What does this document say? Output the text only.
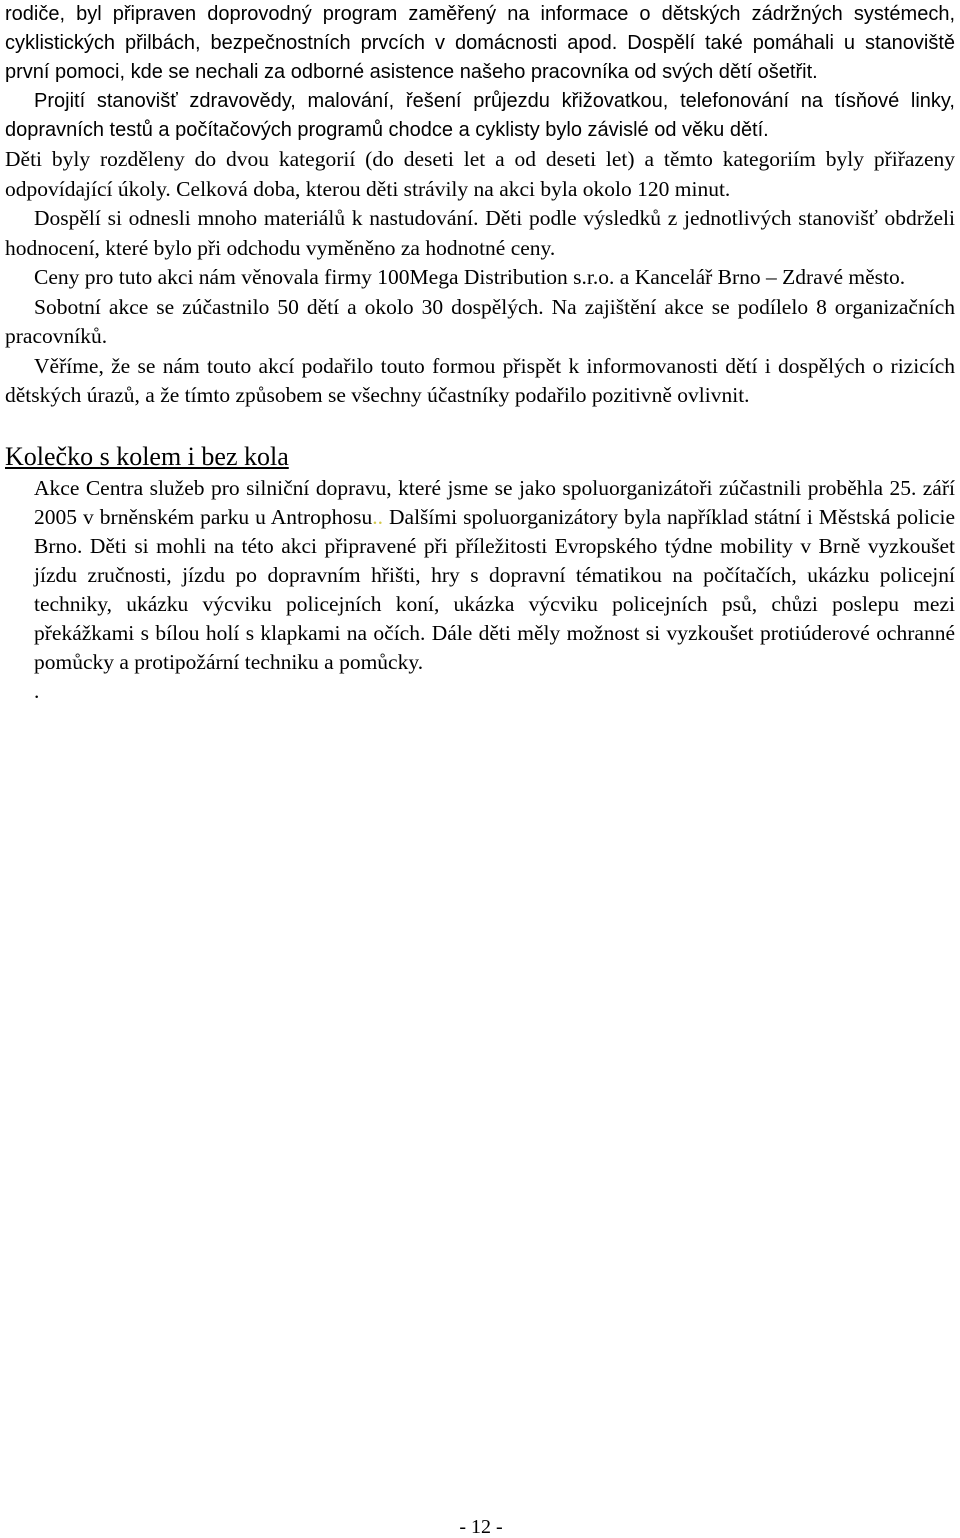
rodiče, byl připraven doprovodný program zaměřený na informace o dětských zádržných systémech, cyklistických přilbách, bezpečnostních prvcích v domácnosti apod. Dospělí také pomáhali u stanoviště první pomoci, kde se nechali za odborné asistence našeho pracovníka od svých dětí ošetřit.

Projití stanovišť zdravovědy, malování, řešení průjezdu křižovatkou, telefonování na tísňové linky, dopravních testů a počítačových programů chodce a cyklisty bylo závislé od věku dětí.

Děti byly rozděleny do dvou kategorií (do deseti let a od deseti let) a těmto kategoriím byly přiřazeny odpovídající úkoly. Celková doba, kterou děti strávily na akci byla okolo 120 minut.

Dospělí si odnesli mnoho materiálů k nastudování. Děti podle výsledků z jednotlivých stanovišť obdrželi hodnocení, které bylo při odchodu vyměněno za hodnotné ceny.

Ceny pro tuto akci nám věnovala firmy 100Mega Distribution s.r.o. a Kancelář Brno – Zdravé město.

Sobotní akce se zúčastnilo 50 dětí a okolo 30 dospělých. Na zajištění akce se podílelo 8 organizačních pracovníků.

Věříme, že se nám touto akcí podařilo touto formou přispět k informovanosti dětí i dospělých o rizicích dětských úrazů, a že tímto způsobem se všechny účastníky podařilo pozitivně ovlivnit.

Kolečko s kolem i bez kola

Akce Centra služeb pro silniční dopravu, které jsme se jako spoluorganizátoři zúčastnili proběhla 25. září 2005 v brněnském parku u Antrophosu.. Dalšími spoluorganizátory byla například státní i Městská policie Brno. Děti si mohli na této akci připravené při příležitosti Evropského týdne mobility v Brně vyzkoušet jízdu zručnosti, jízdu po dopravním hřišti, hry s dopravní tématikou na počítačích, ukázku policejní techniky, ukázku výcviku policejních koní, ukázka výcviku policejních psů, chůzi poslepu mezi překážkami s bílou holí s klapkami na očích. Dále děti měly možnost si vyzkoušet protiúderové ochranné pomůcky a protipožární techniku a pomůcky.

.

- 12 -
